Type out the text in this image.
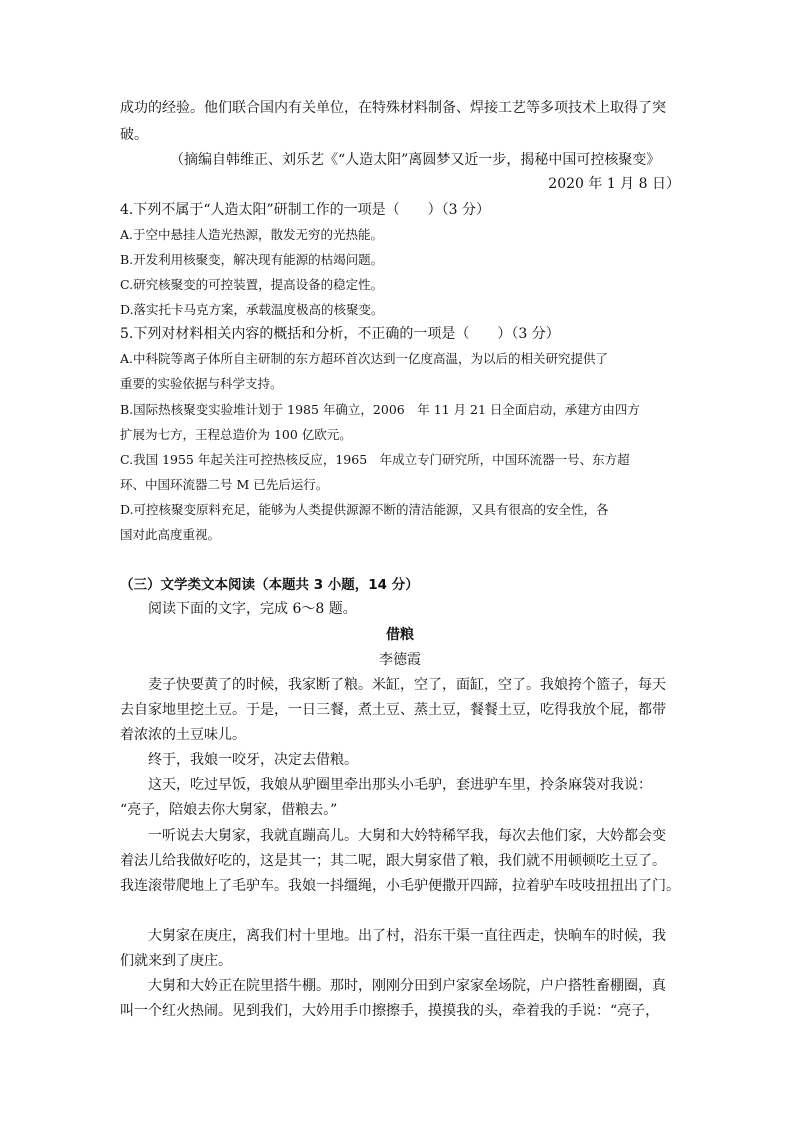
成功的经验。他们联合国内有关单位，在特殊材料制备、焊接工艺等多项技术上取得了突
破。
（摘编自韩维正、刘乐艺《“人造太阳”离圆梦又近一步，揭秘中国可控核聚变》
2020 年 1 月 8 日）
4.下列不属于“人造太阳”研制工作的一项是（　　）（3 分）
A.于空中悬挂人造光热源，散发无穷的光热能。
B.开发利用核聚变，解决现有能源的枯竭问题。
C.研究核聚变的可控装置，提高设备的稳定性。
D.落实托卡马克方案，承载温度极高的核聚变。
5.下列对材料相关内容的概括和分析，不正确的一项是（　　）（3 分）
A.中科院等离子体所自主研制的东方超环首次达到一亿度高温，为以后的相关研究提供了
重要的实验依据与科学支持。
B.国际热核聚变实验堆计划于 1985 年确立，2006　年 11 月 21 日全面启动，承建方由四方
扩展为七方，王程总造价为 100 亿欧元。
C.我国 1955 年起关注可控热核反应，1965　年成立专门研究所，中国环流器一号、东方超
环、中国环流器二号 M 已先后运行。
D.可控核聚变原料充足，能够为人类提供源源不断的清洁能源，又具有很高的安全性，各
国对此高度重视。
（三）文学类文本阅读（本题共 3 小题，14 分）
阅读下面的文字，完成 6～8 题。
借粮
李德霞
麦子快要黄了的时候，我家断了粮。米缸，空了，面缸，空了。我娘挎个篮子，每天
去自家地里挖土豆。于是，一日三餐，煮土豆、蒸土豆，餐餐土豆，吃得我放个屁，都带
着浓浓的土豆味儿。
终于，我娘一咬牙，决定去借粮。
这天，吃过早饭，我娘从驴圈里牵出那头小毛驴，套进驴车里，拎条麻袋对我说：
“亮子，陪娘去你大舅家，借粮去。”
一听说去大舅家，我就直蹦高儿。大舅和大妗特稀罕我，每次去他们家，大妗都会变
着法儿给我做好吃的，这是其一；其二呢，跟大舅家借了粮，我们就不用顿顿吃土豆了。
我连滚带爬地上了毛驴车。我娘一抖缰绳，小毛驴便撒开四蹄，拉着驴车吱吱扭扭出了门。
大舅家在庚庄，离我们村十里地。出了村，沿东干渠一直往西走，快晌车的时候，我
们就来到了庚庄。
大舅和大妗正在院里搭牛棚。那时，刚刚分田到户家家垒场院，户户搭牲畜棚圈，真
叫一个红火热闹。见到我们，大妗用手巾擦擦手，摸摸我的头，牵着我的手说：“亮子，
